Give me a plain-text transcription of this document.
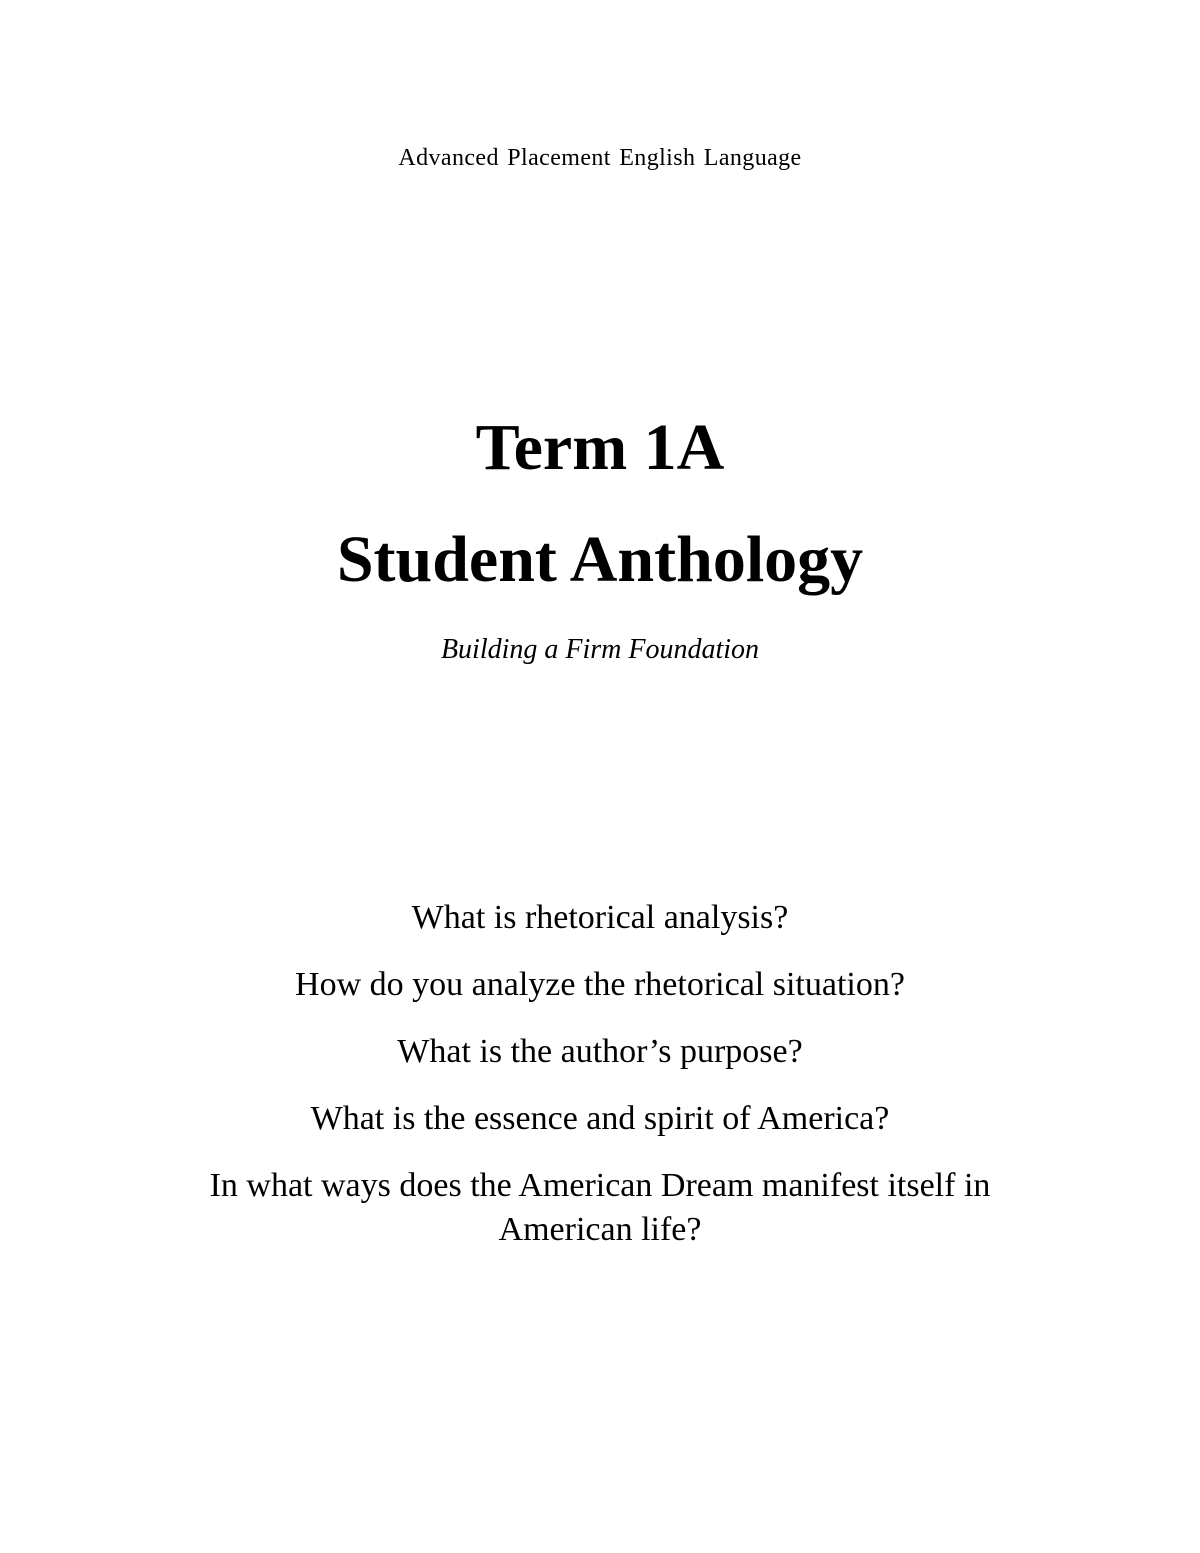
Advanced Placement English Language
Term 1A
Student Anthology
Building a Firm Foundation
What is rhetorical analysis?
How do you analyze the rhetorical situation?
What is the author’s purpose?
What is the essence and spirit of America?
In what ways does the American Dream manifest itself in American life?
